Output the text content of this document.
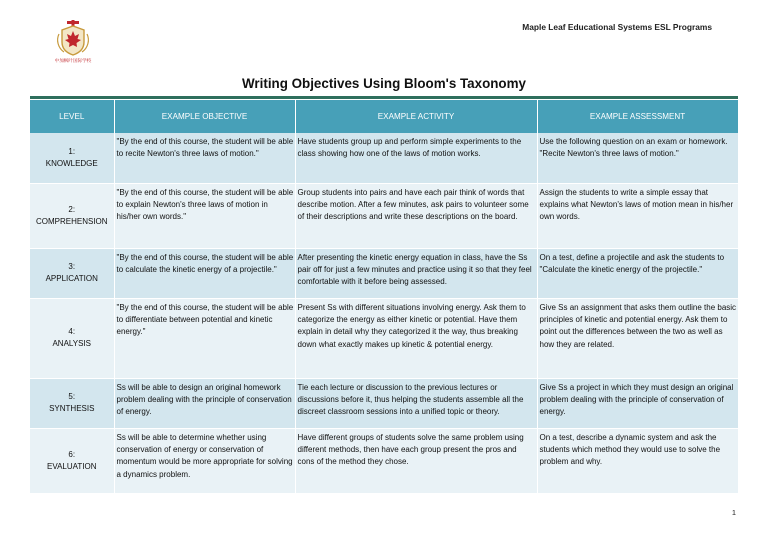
中加枫叶国际学校
Maple Leaf Educational Systems ESL Programs
Writing Objectives Using Bloom's Taxonomy
LEVEL	EXAMPLE OBJECTIVE	EXAMPLE ACTIVITY	EXAMPLE ASSESSMENT

1:
KNOWLEDGE	"By the end of this course, the student will be able to recite Newton's three laws of motion."	Have students group up and perform simple experiments to the class showing how one of the laws of motion works.	Use the following question on an exam or homework. "Recite Newton's three laws of motion."

2:
COMPREHENSION	"By the end of this course, the student will be able to explain Newton's three laws of motion in his/her own words."	Group students into pairs and have each pair think of words that describe motion. After a few minutes, ask pairs to volunteer some of their descriptions and write these descriptions on the board.	Assign the students to write a simple essay that explains what Newton's laws of motion mean in his/her own words.

3:
APPLICATION	"By the end of this course, the student will be able to calculate the kinetic energy of a projectile."	After presenting the kinetic energy equation in class, have the Ss pair off for just a few minutes and practice using it so that they feel comfortable with it before being assessed.	On a test, define a projectile and ask the students to "Calculate the kinetic energy of the projectile."

4:
ANALYSIS	"By the end of this course, the student will be able to differentiate between potential and kinetic energy."	Present Ss with different situations involving energy. Ask them to categorize the energy as either kinetic or potential. Have them explain in detail why they categorized it the way, thus breaking down what exactly makes up kinetic & potential energy.	Give Ss an assignment that asks them outline the basic principles of kinetic and potential energy. Ask them to point out the differences between the two as well as how they are related.

5:
SYNTHESIS	Ss will be able to design an original homework problem dealing with the principle of conservation of energy.	Tie each lecture or discussion to the previous lectures or discussions before it, thus helping the students assemble all the discreet classroom sessions into a unified topic or theory.	Give Ss a project in which they must design an original problem dealing with the principle of conservation of energy.

6:
EVALUATION	Ss will be able to determine whether using conservation of energy or conservation of momentum would be more appropriate for solving a dynamics problem.	Have different groups of students solve the same problem using different methods, then have each group present the pros and cons of the method they chose.	On a test, describe a dynamic system and ask the students which method they would use to solve the problem and why.
1
